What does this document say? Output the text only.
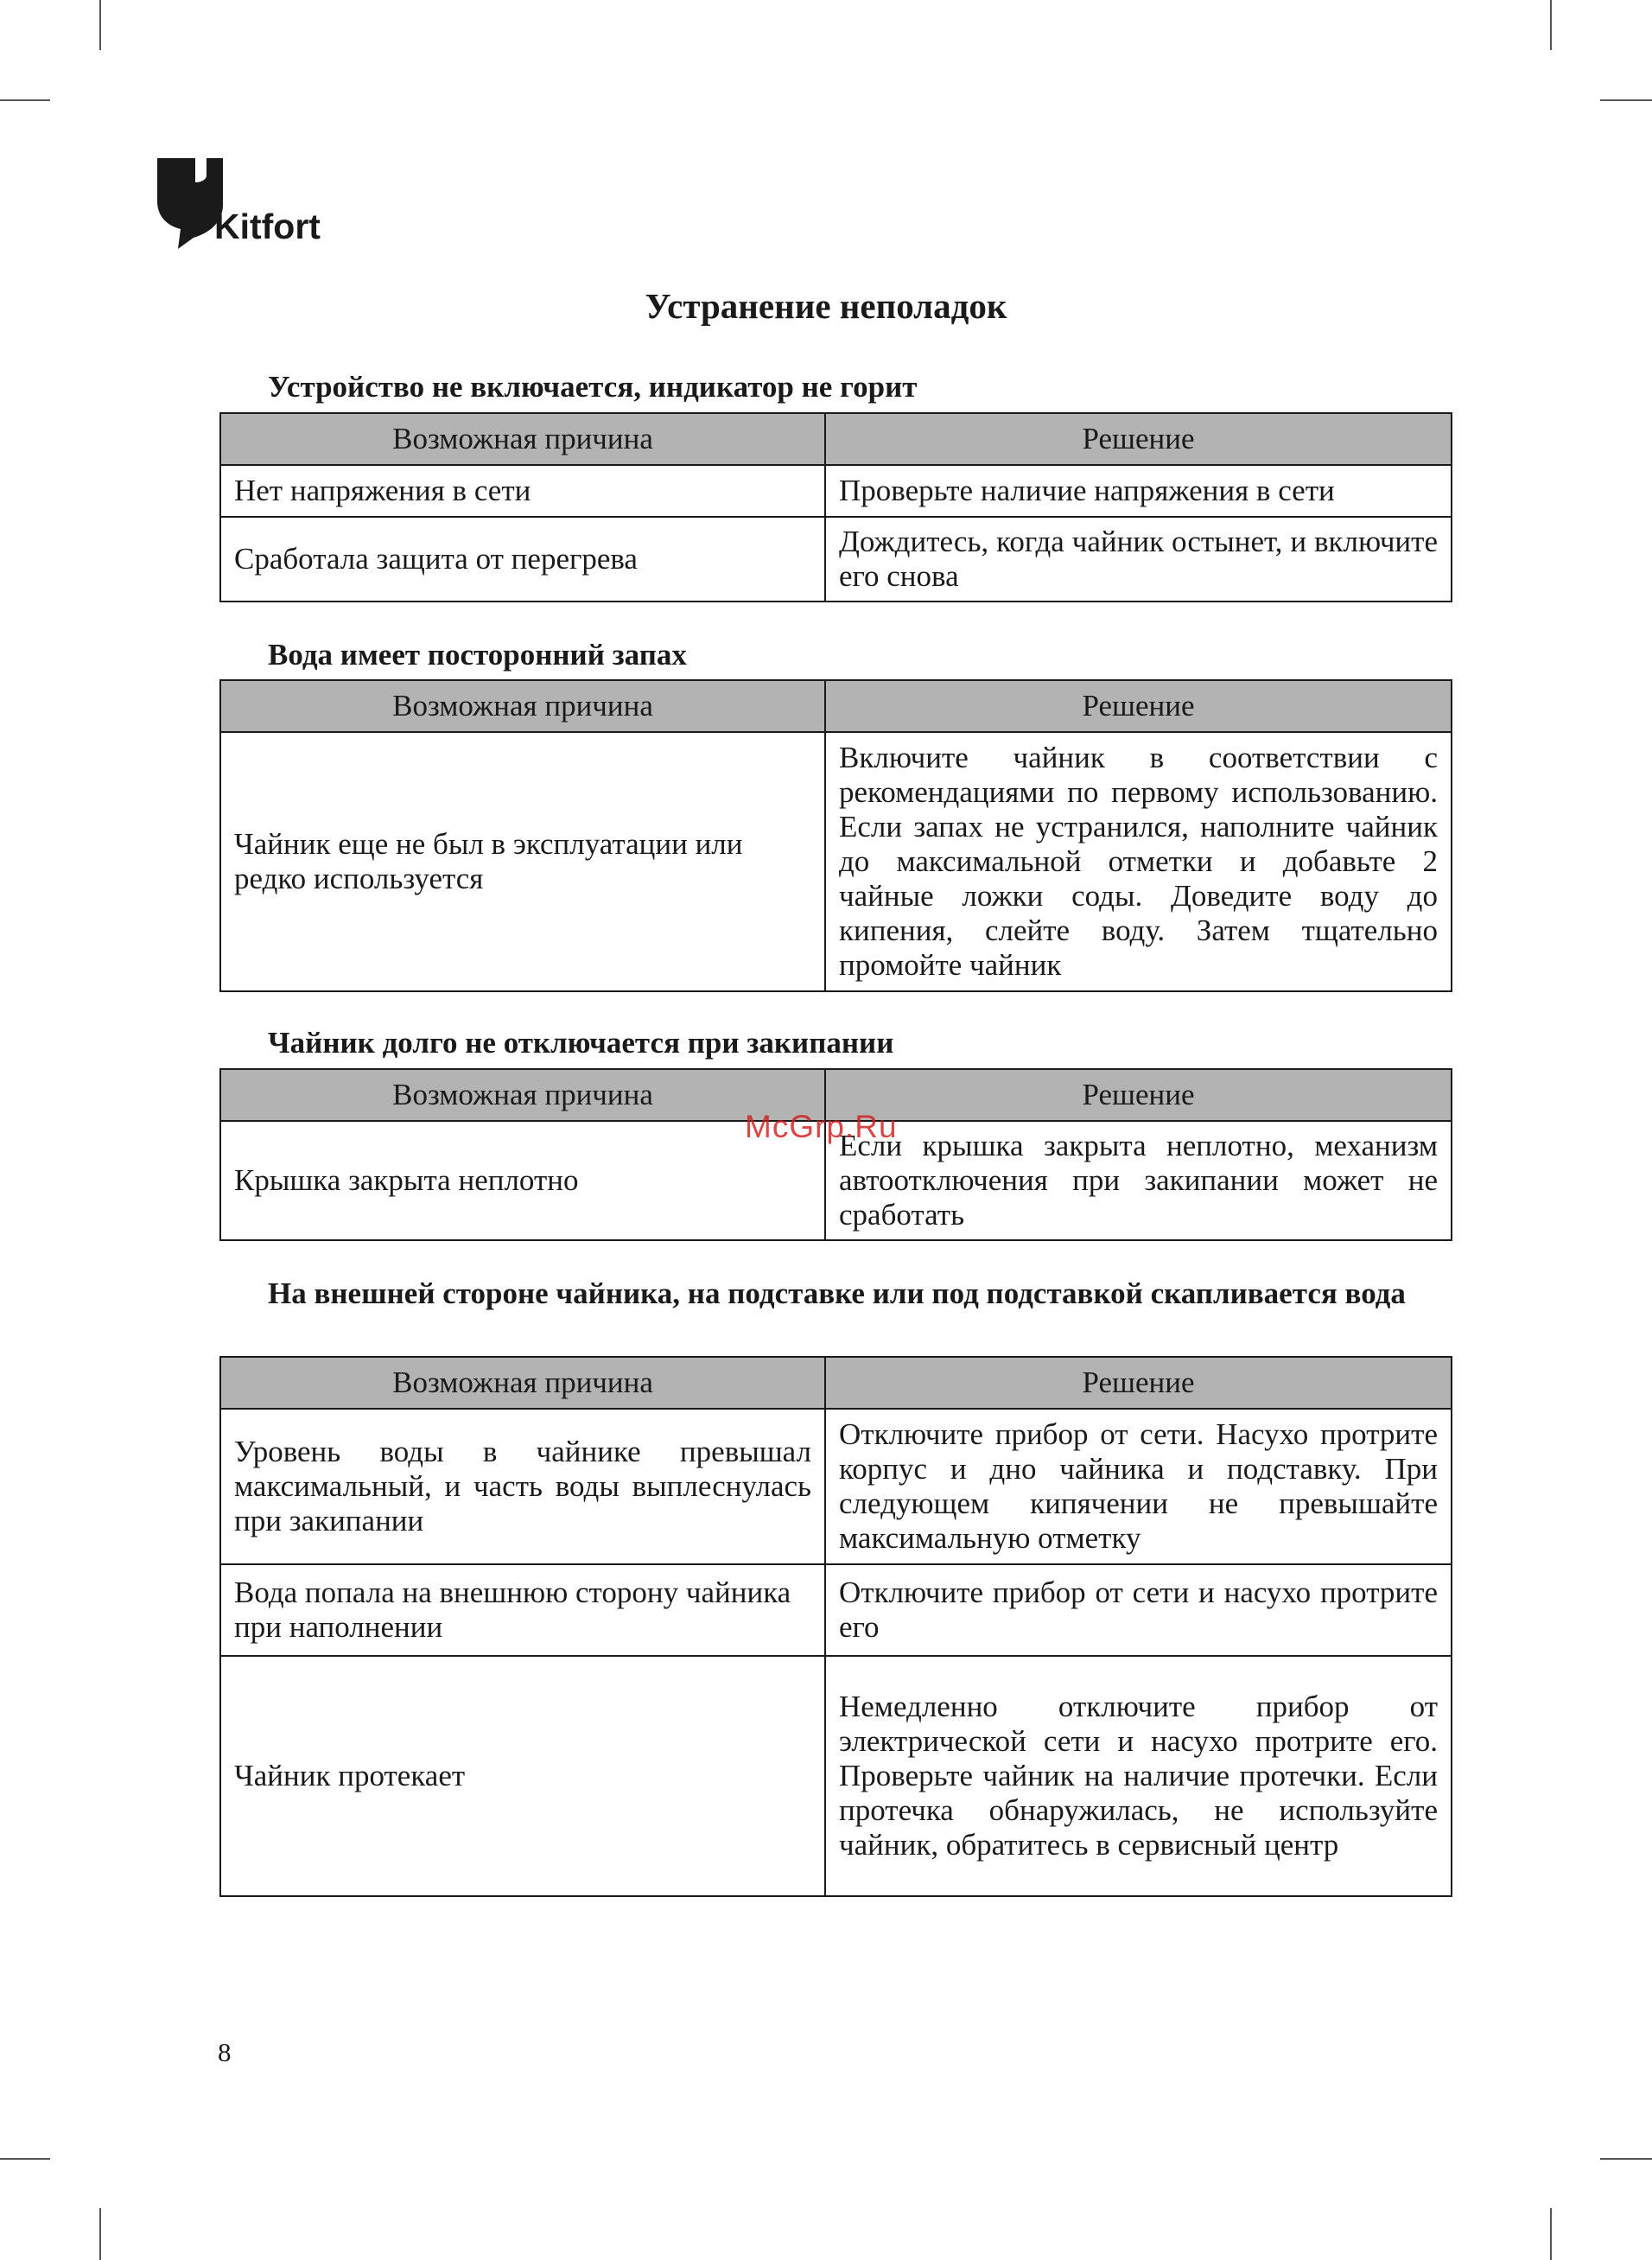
Kitfort
Устранение неполадок
Устройство не включается, индикатор не горит
Возможная причина	Решение
Нет напряжения в сети	Проверьте наличие напряжения в сети
Сработала защита от перегрева	Дождитесь, когда чайник остынет, и включите его снова
Вода имеет посторонний запах
Возможная причина	Решение
Чайник еще не был в эксплуатации или редко используется	Включите чайник в соответствии с рекомендациями по первому использованию. Если запах не устранился, наполните чайник до максимальной отметки и добавьте 2 чайные ложки соды. Доведите воду до кипения, слейте воду. Затем тщательно промойте чайник
Чайник долго не отключается при закипании
Возможная причина	Решение
Крышка закрыта неплотно	Если крышка закрыта неплотно, механизм автоотключения при закипании может не сработать
На внешней стороне чайника, на подставке или под подставкой скапливается вода
Возможная причина	Решение
Уровень воды в чайнике превышал максимальный, и часть воды выплеснулась при закипании	Отключите прибор от сети. Насухо протрите корпус и дно чайника и подставку. При следующем кипячении не превышайте максимальную отметку
Вода попала на внешнюю сторону чайника при наполнении	Отключите прибор от сети и насухо протрите его
Чайник протекает	Немедленно отключите прибор от электрической сети и насухо протрите его. Проверьте чайник на наличие протечки. Если протечка обнаружилась, не используйте чайник, обратитесь в сервисный центр
McGrp.Ru
8
